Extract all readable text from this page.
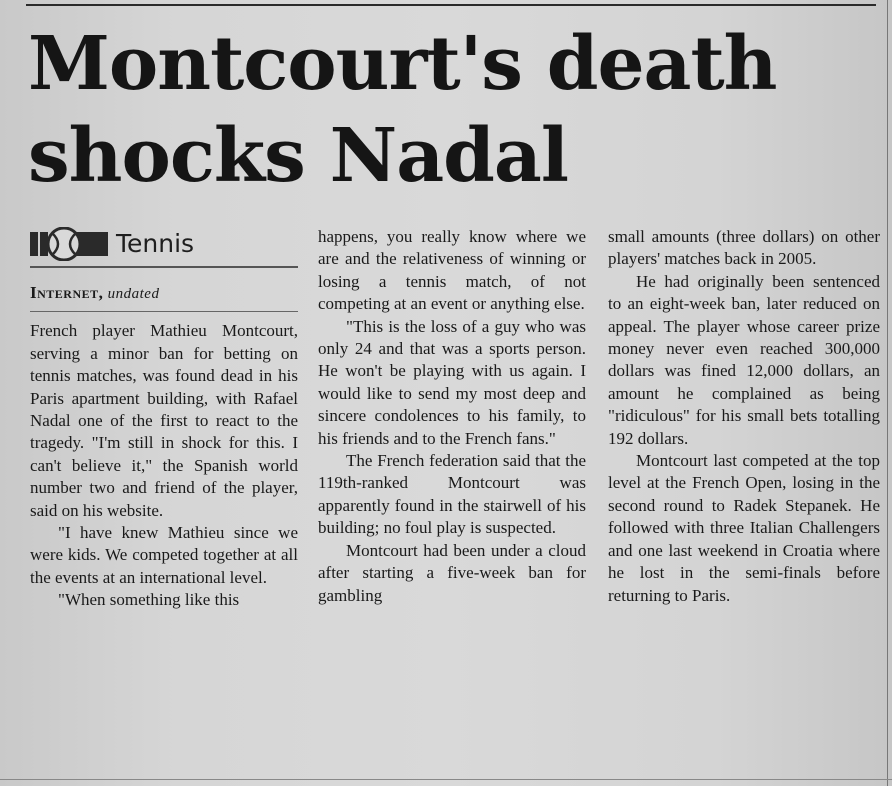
Montcourt's death
shocks Nadal
Tennis
Internet, undated

French player Mathieu Montcourt, serving a minor ban for betting on tennis matches, was found dead in his Paris apartment building, with Rafael Nadal one of the first to react to the tragedy. "I'm still in shock for this. I can't believe it," the Spanish world number two and friend of the player, said on his website.

"I have knew Mathieu since we were kids. We competed together at all the events at an international level.

"When something like this

happens, you really know where we are and the relativeness of winning or losing a tennis match, of not competing at an event or anything else.

"This is the loss of a guy who was only 24 and that was a sports person. He won't be playing with us again. I would like to send my most deep and sincere condolences to his family, to his friends and to the French fans."

The French federation said that the 119th-ranked Montcourt was apparently found in the stairwell of his building; no foul play is suspected.

Montcourt had been under a cloud after starting a five-week ban for gambling

small amounts (three dollars) on other players' matches back in 2005.

He had originally been sentenced to an eight-week ban, later reduced on appeal. The player whose career prize money never even reached 300,000 dollars was fined 12,000 dollars, an amount he complained as being "ridiculous" for his small bets totalling 192 dollars.

Montcourt last competed at the top level at the French Open, losing in the second round to Radek Stepanek. He followed with three Italian Challengers and one last weekend in Croatia where he lost in the semi-finals before returning to Paris.
